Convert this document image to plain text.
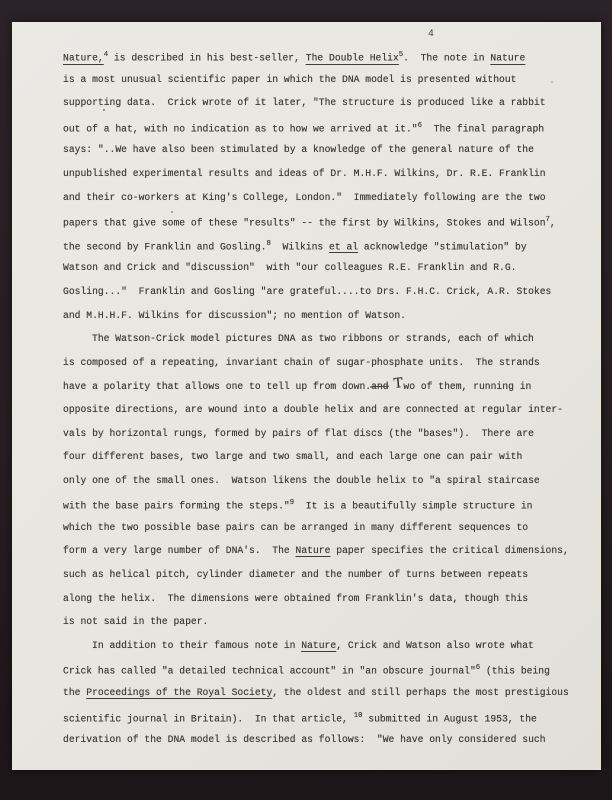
4
Nature,$^4$ is described in his best-seller, The Double Helix$^5$.  The note in Nature
is a most unusual scientific paper in which the DNA model is presented without
supporting data.  Crick wrote of it later, "The structure is produced like a rabbit
out of a hat, with no indication as to how we arrived at it."$^6$  The final paragraph
says: "..We have also been stimulated by a knowledge of the general nature of the
unpublished experimental results and ideas of Dr. M.H.F. Wilkins, Dr. R.E. Franklin
and their co-workers at King's College, London."  Immediately following are the two
papers that give some of these "results" -- the first by Wilkins, Stokes and Wilson$^7$,
the second by Franklin and Gosling.$^8$  Wilkins et al acknowledge "stimulation" by
Watson and Crick and "discussion"  with "our colleagues R.E. Franklin and R.G.
Gosling..."  Franklin and Gosling "are grateful....to Drs. F.H.C. Crick, A.R. Stokes
and M.H.H.F. Wilkins for discussion"; no mention of Watson.
The Watson-Crick model pictures DNA as two ribbons or strands, each of which
is composed of a repeating, invariant chain of sugar-phosphate units.  The strands
have a polarity that allows one to tell up from down.and Two of them, running in
opposite directions, are wound into a double helix and are connected at regular inter-
vals by horizontal rungs, formed by pairs of flat discs (the "bases").  There are
four different bases, two large and two small, and each large one can pair with
only one of the small ones.  Watson likens the double helix to "a spiral staircase
with the base pairs forming the steps."$^9$  It is a beautifully simple structure in
which the two possible base pairs can be arranged in many different sequences to
form a very large number of DNA's.  The Nature paper specifies the critical dimensions,
such as helical pitch, cylinder diameter and the number of turns between repeats
along the helix.  The dimensions were obtained from Franklin's data, though this
is not said in the paper.
In addition to their famous note in Nature, Crick and Watson also wrote what
Crick has called "a detailed technical account" in "an obscure journal"$^6$ (this being
the Proceedings of the Royal Society, the oldest and still perhaps the most prestigious
scientific journal in Britain).  In that article, $^{10}$ submitted in August 1953, the
derivation of the DNA model is described as follows:  "We have only considered such
